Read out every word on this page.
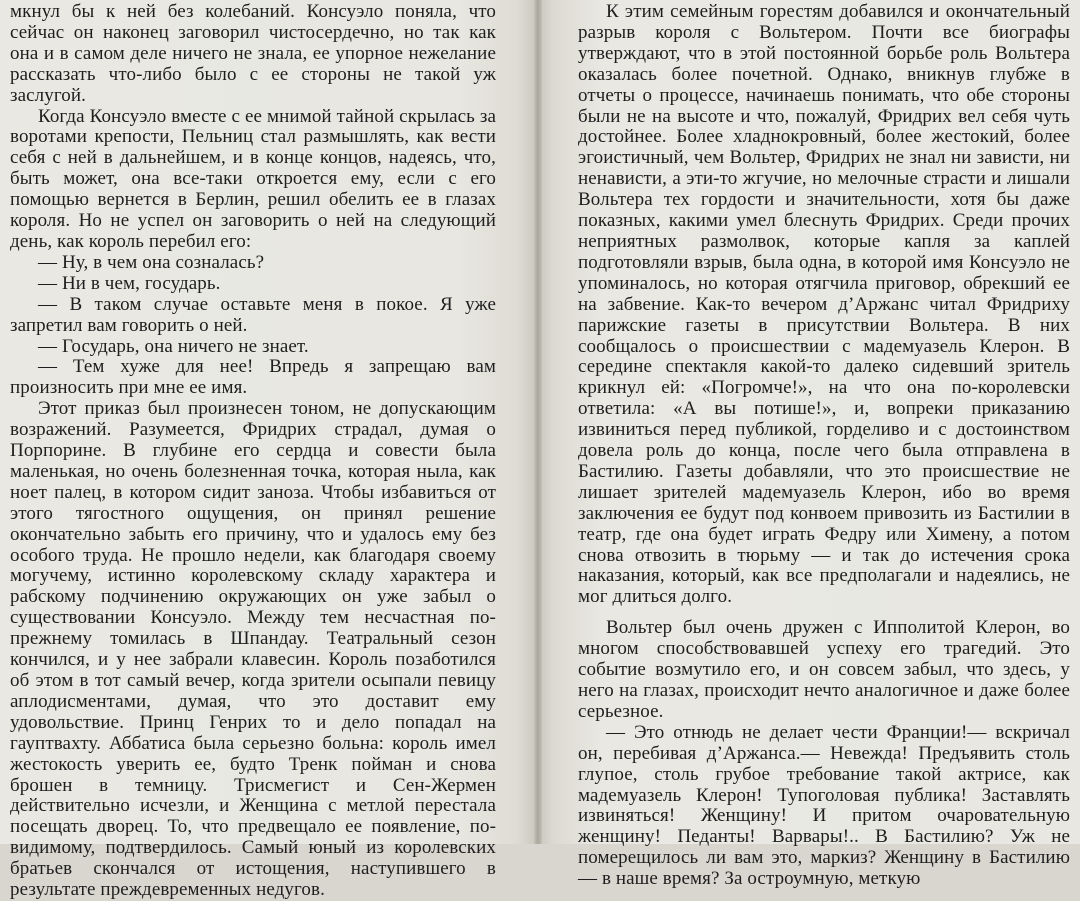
мкнул бы к ней без колебаний. Консуэло поняла, что сейчас он наконец заговорил чистосердечно, но так как она и в самом деле ничего не знала, ее упорное нежелание рассказать что-либо было с ее стороны не такой уж заслугой.

Когда Консуэло вместе с ее мнимой тайной скрылась за воротами крепости, Пельниц стал размышлять, как вести себя с ней в дальнейшем, и в конце концов, надеясь, что, быть может, она все-таки откроется ему, если с его помощью вернется в Берлин, решил обелить ее в глазах короля. Но не успел он заговорить о ней на следующий день, как король перебил его:

— Ну, в чем она созналась?

— Ни в чем, государь.

— В таком случае оставьте меня в покое. Я уже запретил вам говорить о ней.

— Государь, она ничего не знает.

— Тем хуже для нее! Впредь я запрещаю вам произносить при мне ее имя.

Этот приказ был произнесен тоном, не допускающим возражений. Разумеется, Фридрих страдал, думая о Порпорине. В глубине его сердца и совести была маленькая, но очень болезненная точка, которая ныла, как ноет палец, в котором сидит заноза. Чтобы избавиться от этого тягостного ощущения, он принял решение окончательно забыть его причину, что и удалось ему без особого труда. Не прошло недели, как благодаря своему могучему, истинно королевскому складу характера и рабскому подчинению окружающих он уже забыл о существовании Консуэло. Между тем несчастная по-прежнему томилась в Шпандау. Театральный сезон кончился, и у нее забрали клавесин. Король позаботился об этом в тот самый вечер, когда зрители осыпали певицу аплодисментами, думая, что это доставит ему удовольствие. Принц Генрих то и дело попадал на гауптвахту. Аббатиса была серьезно больна: король имел жестокость уверить ее, будто Тренк пойман и снова брошен в темницу. Трисмегист и Сен-Жермен действительно исчезли, и Женщина с метлой перестала посещать дворец. То, что предвещало ее появление, по-видимому, подтвердилось. Самый юный из королевских братьев скончался от истощения, наступившего в результате преждевременных недугов.

К этим семейным горестям добавился и окончательный разрыв короля с Вольтером. Почти все биографы утверждают, что в этой постоянной борьбе роль Вольтера оказалась более почетной. Однако, вникнув глубже в отчеты о процессе, начинаешь понимать, что обе стороны были не на высоте и что, пожалуй, Фридрих вел себя чуть достойнее. Более хладнокровный, более жестокий, более эгоистичный, чем Вольтер, Фридрих не знал ни зависти, ни ненависти, а эти-то жгучие, но мелочные страсти и лишали Вольтера тех гордости и значительности, хотя бы даже показных, какими умел блеснуть Фридрих. Среди прочих неприятных размолвок, которые капля за каплей подготовляли взрыв, была одна, в которой имя Консуэло не упоминалось, но которая отягчила приговор, обрекший ее на забвение. Как-то вечером д’Аржанс читал Фридриху парижские газеты в присутствии Вольтера. В них сообщалось о происшествии с мадемуазель Клерон. В середине спектакля какой-то далеко сидевший зритель крикнул ей: «Погромче!», на что она по-королевски ответила: «А вы потише!», и, вопреки приказанию извиниться перед публикой, горделиво и с достоинством довела роль до конца, после чего была отправлена в Бастилию. Газеты добавляли, что это происшествие не лишает зрителей мадемуазель Клерон, ибо во время заключения ее будут под конвоем привозить из Бастилии в театр, где она будет играть Федру или Химену, а потом снова отвозить в тюрьму — и так до истечения срока наказания, который, как все предполагали и надеялись, не мог длиться долго.

Вольтер был очень дружен с Ипполитой Клерон, во многом способствовавшей успеху его трагедий. Это событие возмутило его, и он совсем забыл, что здесь, у него на глазах, происходит нечто аналогичное и даже более серьезное.

— Это отнюдь не делает чести Франции!— вскричал он, перебивая д’Аржанса.— Невежда! Предъявить столь глупое, столь грубое требование такой актрисе, как мадемуазель Клерон! Тупоголовая публика! Заставлять извиняться! Женщину! И притом очаровательную женщину! Педанты! Варвары!.. В Бастилию? Уж не померещилось ли вам это, маркиз? Женщину в Бастилию — в наше время? За остроумную, меткую
